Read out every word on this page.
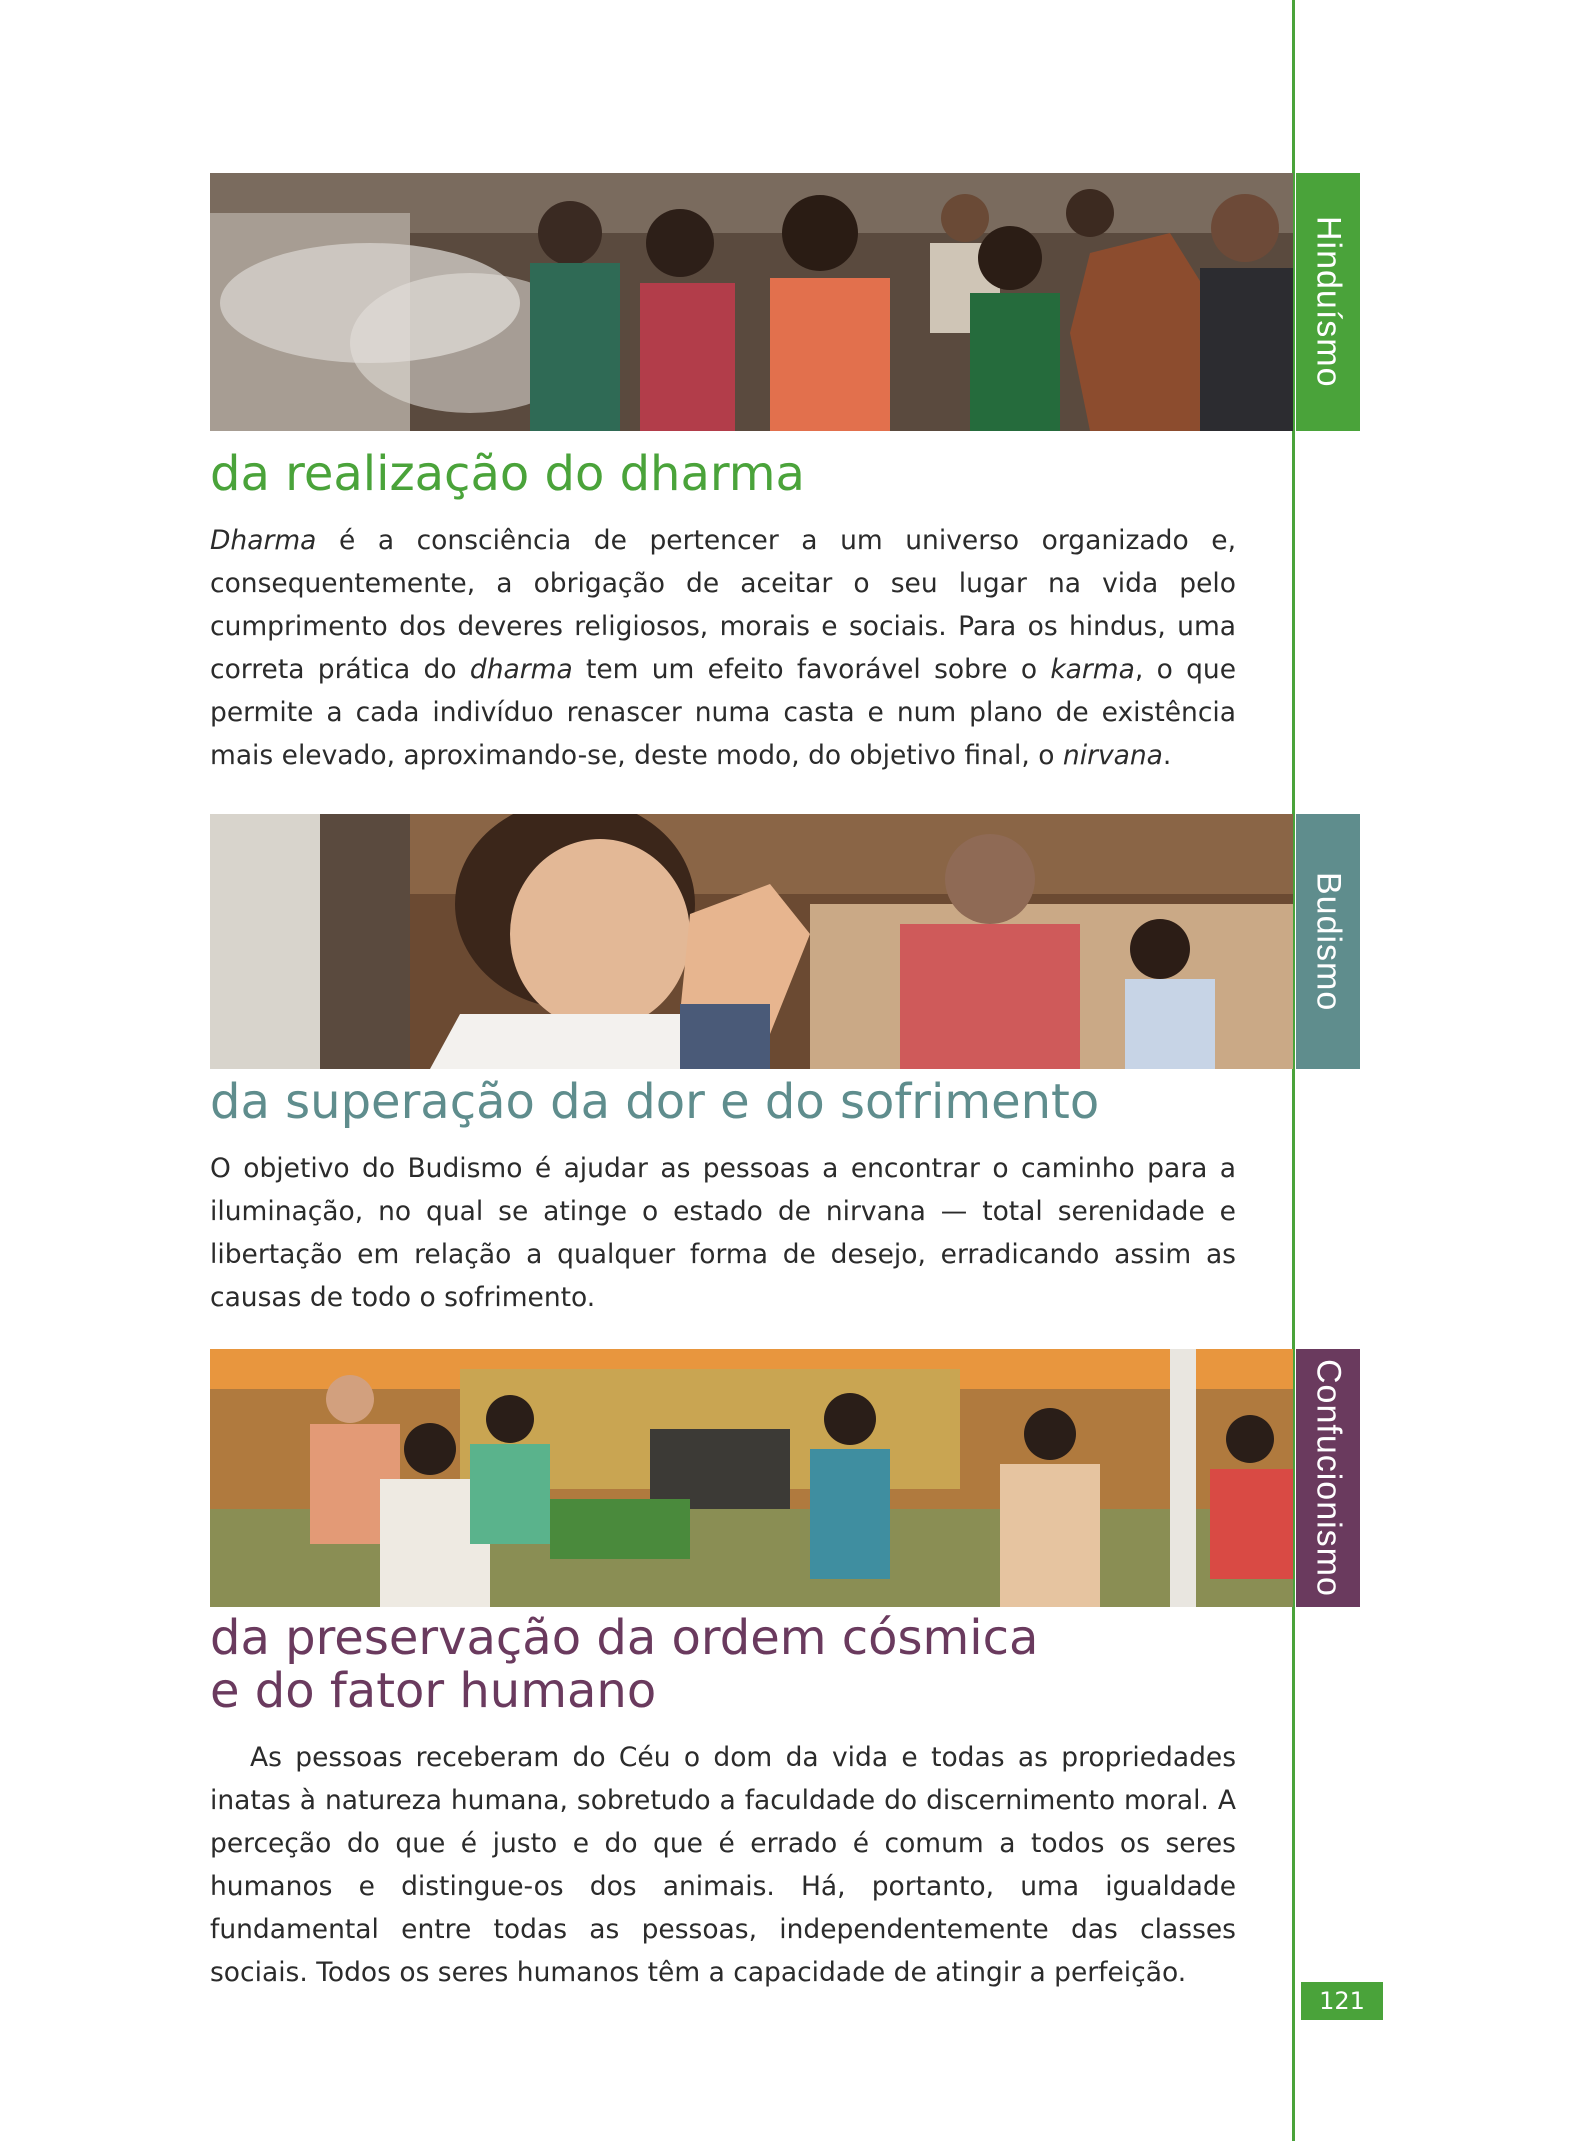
Hinduísmo
da realização do dharma

Dharma é a consciência de pertencer a um universo organizado e, consequentemente, a obrigação de aceitar o seu lugar na vida pelo cumprimento dos deveres religiosos, morais e sociais. Para os hindus, uma correta prática do dharma tem um efeito favorável sobre o karma, o que permite a cada indivíduo renascer numa casta e num plano de existência mais elevado, aproximando-se, deste modo, do objetivo final, o nirvana.

Budismo
da superação da dor e do sofrimento

O objetivo do Budismo é ajudar as pessoas a encontrar o caminho para a iluminação, no qual se atinge o estado de nirvana — total serenidade e libertação em relação a qualquer forma de desejo, erradicando assim as causas de todo o sofrimento.

Confucionismo
da preservação da ordem cósmica
e do fator humano

As pessoas receberam do Céu o dom da vida e todas as propriedades inatas à natureza humana, sobretudo a faculdade do discernimento moral. A perceção do que é justo e do que é errado é comum a todos os seres humanos e distingue-os dos animais. Há, portanto, uma igualdade fundamental entre todas as pessoas, independentemente das classes sociais. Todos os seres humanos têm a capacidade de atingir a perfeição.

121
